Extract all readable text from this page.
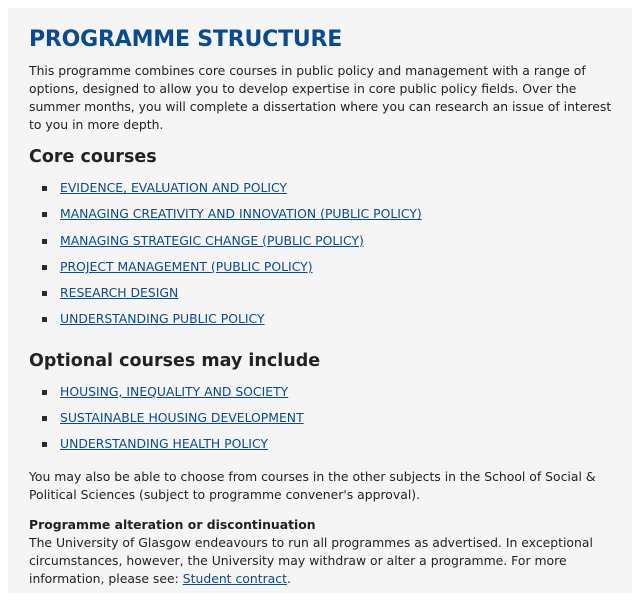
PROGRAMME STRUCTURE

This programme combines core courses in public policy and management with a range of options, designed to allow you to develop expertise in core public policy fields. Over the summer months, you will complete a dissertation where you can research an issue of interest to you in more depth.

Core courses
EVIDENCE, EVALUATION AND POLICY
MANAGING CREATIVITY AND INNOVATION (PUBLIC POLICY)
MANAGING STRATEGIC CHANGE (PUBLIC POLICY)
PROJECT MANAGEMENT (PUBLIC POLICY)
RESEARCH DESIGN
UNDERSTANDING PUBLIC POLICY
Optional courses may include
HOUSING, INEQUALITY AND SOCIETY
SUSTAINABLE HOUSING DEVELOPMENT
UNDERSTANDING HEALTH POLICY

You may also be able to choose from courses in the other subjects in the School of Social & Political Sciences (subject to programme convener's approval).

Programme alteration or discontinuation

The University of Glasgow endeavours to run all programmes as advertised. In exceptional circumstances, however, the University may withdraw or alter a programme. For more information, please see: Student contract.
